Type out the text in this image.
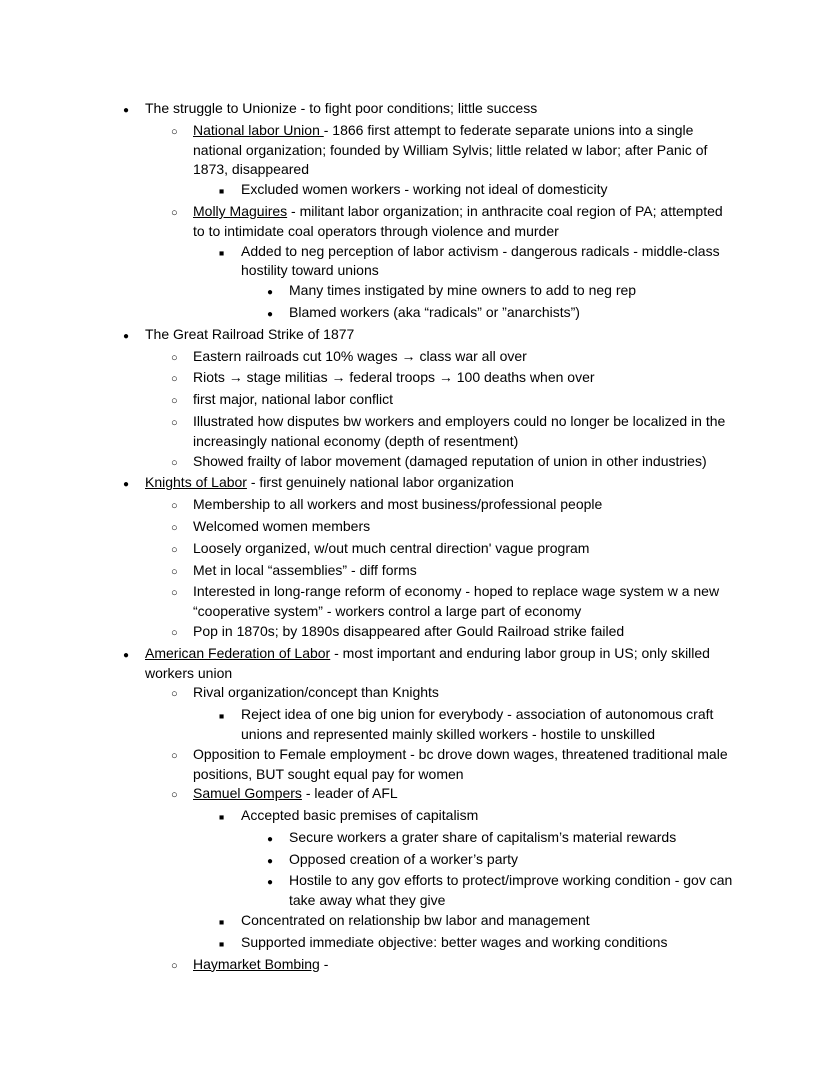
●	The struggle to Unionize - to fight poor conditions; little success
○	National labor Union - 1866 first attempt to federate separate unions into a single national organization; founded by William Sylvis; little related w labor; after Panic of 1873, disappeared
■	Excluded women workers - working not ideal of domesticity
○	Molly Maguires - militant labor organization; in anthracite coal region of PA; attempted to to intimidate coal operators through violence and murder
■	Added to neg perception of labor activism - dangerous radicals - middle-class hostility toward unions
●	Many times instigated by mine owners to add to neg rep
●	Blamed workers (aka “radicals” or ”anarchists”)
●	The Great Railroad Strike of 1877
○	Eastern railroads cut 10% wages → class war all over
○	Riots → stage militias → federal troops → 100 deaths when over
○	first major, national labor conflict
○	Illustrated how disputes bw workers and employers could no longer be localized in the increasingly national economy (depth of resentment)
○	Showed frailty of labor movement (damaged reputation of union in other industries)
●	Knights of Labor - first genuinely national labor organization
○	Membership to all workers and most business/professional people
○	Welcomed women members
○	Loosely organized, w/out much central direction' vague program
○	Met in local “assemblies” - diff forms
○	Interested in long-range reform of economy - hoped to replace wage system w a new “cooperative system” - workers control a large part of economy
○	Pop in 1870s; by 1890s disappeared after Gould Railroad strike failed
●	American Federation of Labor - most important and enduring labor group in US; only skilled workers union
○	Rival organization/concept than Knights
■	Reject idea of one big union for everybody - association of autonomous craft unions and represented mainly skilled workers - hostile to unskilled
○	Opposition to Female employment - bc drove down wages, threatened traditional male positions, BUT sought equal pay for women
○	Samuel Gompers - leader of AFL
■	Accepted basic premises of capitalism
●	Secure workers a grater share of capitalism’s material rewards
●	Opposed creation of a worker’s party
●	Hostile to any gov efforts to protect/improve working condition - gov can take away what they give
■	Concentrated on relationship bw labor and management
■	Supported immediate objective: better wages and working conditions
○	Haymarket Bombing -
